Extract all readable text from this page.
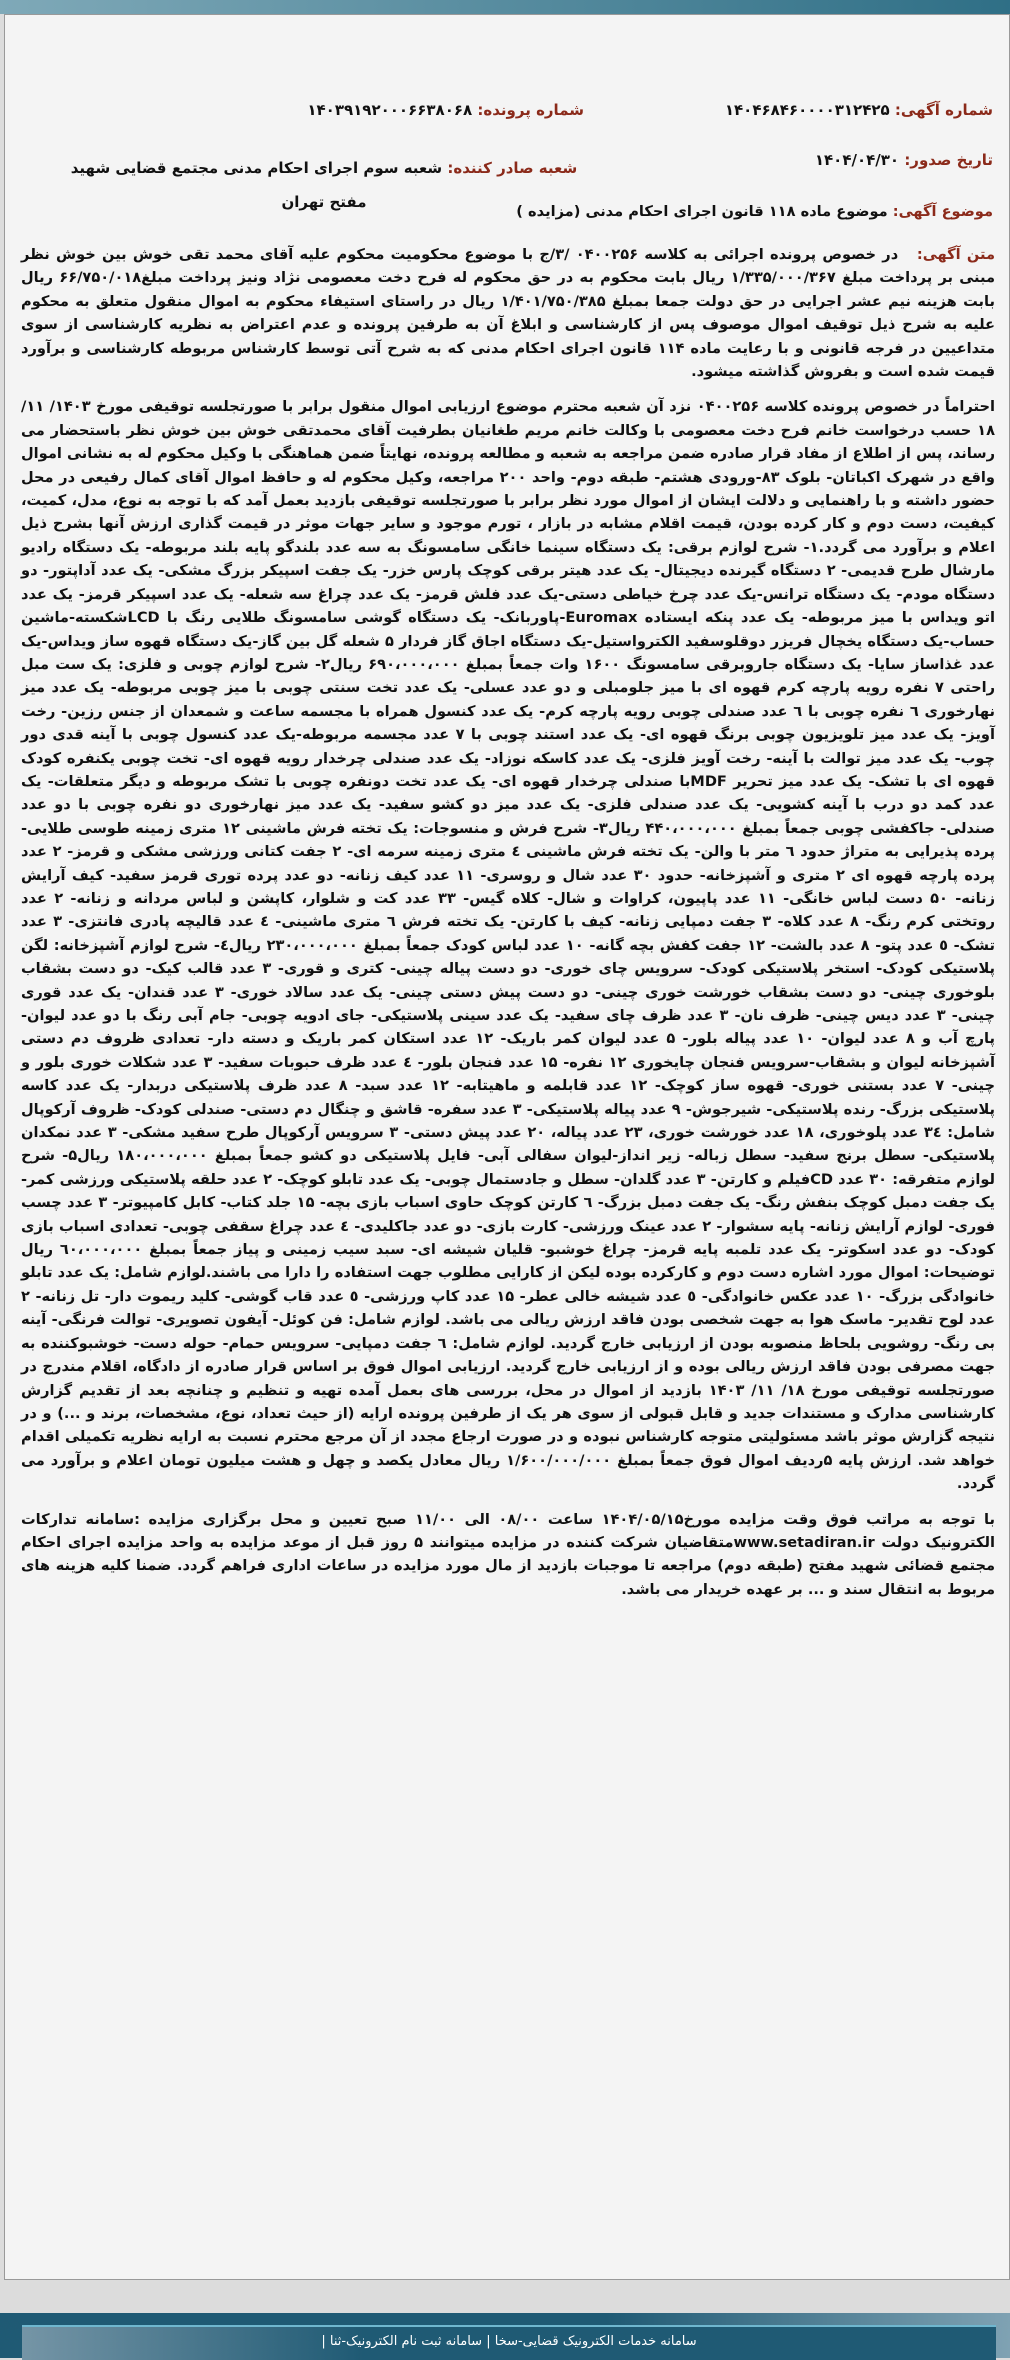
شماره آگهی: ۱۴۰۴۶۸۴۶۰۰۰۰۳۱۲۴۲۵
شماره پرونده: ۱۴۰۳۹۱۹۲۰۰۰۶۶۳۸۰۶۸
تاریخ صدور: ۱۴۰۴/۰۴/۳۰
شعبه صادر کننده: شعبه سوم اجرای احکام مدنی مجتمع قضایی شهید مفتح تهران
موضوع آگهی: موضوع ماده ۱۱۸ قانون اجرای احکام مدنی (مزایده )

متن آگهی:   در خصوص پرونده اجرائی به کلاسه ۰۴۰۰۲۵۶ /۳/ج با موضوع محکومیت محکوم علیه آقای محمد تقی خوش بین خوش نظر مبنی بر پرداخت مبلغ ۱/۳۳۵/۰۰۰/۳۶۷ ریال بابت محکوم به در حق محکوم له فرح دخت معصومی نژاد ونیز پرداخت مبلغ۶۶/۷۵۰/۰۱۸ ریال بابت هزینه نیم عشر اجرایی در حق دولت جمعا بمبلغ ۱/۴۰۱/۷۵۰/۳۸۵ ریال در راستای استیفاء محکوم به اموال منقول متعلق به محکوم علیه به شرح ذیل توقیف اموال موصوف پس از کارشناسی و ابلاغ آن به طرفین پرونده و عدم اعتراض به نظریه کارشناسی از سوی متداعیین در فرجه قانونی و با رعایت ماده ۱۱۴ قانون اجرای احکام مدنی که به شرح آتی توسط کارشناس مربوطه کارشناسی و برآورد قیمت شده است و بفروش گذاشته میشود.

احتراماً در خصوص پرونده کلاسه ۰۴۰۰۲۵۶ نزد آن شعبه محترم موضوع ارزیابی اموال منقول برابر با صورتجلسه توقیفی مورخ ۱۴۰۳/ ۱۱/ ۱۸ حسب درخواست خانم فرح دخت معصومی با وکالت خانم مریم طغانیان بطرفیت آقای محمدتقی خوش بین خوش نظر باستحضار می رساند، پس از اطلاع از مفاد قرار صادره ضمن مراجعه به شعبه و مطالعه پرونده، نهایتاً ضمن هماهنگی با وکیل محکوم له به نشانی اموال واقع در شهرک اکباتان- بلوک ۸۳-ورودی هشتم- طبقه دوم- واحد ۲۰۰ مراجعه، وکیل محکوم له و حافظ اموال آقای کمال رفیعی در محل حضور داشته و با راهنمایی و دلالت ایشان از اموال مورد نظر برابر با صورتجلسه توقیفی بازدید بعمل آمد که با توجه به نوع، مدل، کمیت، کیفیت، دست دوم و کار کرده بودن، قیمت اقلام مشابه در بازار ، تورم موجود و سایر جهات موثر در قیمت گذاری ارزش آنها بشرح ذیل اعلام و برآورد می گردد.۱- شرح لوازم برقی: یک دستگاه سینما خانگی سامسونگ به سه عدد بلندگو پایه بلند مربوطه- یک دستگاه رادیو مارشال طرح قدیمی- ۲ دستگاه گیرنده دیجیتال- یک عدد هیتر برقی کوچک پارس خزر- یک جفت اسپیکر بزرگ مشکی- یک عدد آداپتور- دو دستگاه مودم- یک دستگاه ترانس-یک عدد چرخ خیاطی دستی-یک عدد فلش قرمز- یک عدد چراغ سه شعله- یک عدد اسپیکر قرمز- یک عدد اتو ویداس با میز مربوطه- یک عدد پنکه ایستاده Euromax-پاوربانک- یک دستگاه گوشی سامسونگ طلایی رنگ با LCDشکسته-ماشین حساب-یک دستگاه یخچال فریزر دوقلوسفید الکترواستیل-یک دستگاه اجاق گاز فردار ۵ شعله گل بین گاز-یک دستگاه قهوه ساز ویداس-یک عدد غذاساز سایا- یک دستگاه جاروبرقی سامسونگ ۱۶۰۰ وات جمعاً بمبلغ ۶۹۰،۰۰۰،۰۰۰ ریال۲- شرح لوازم چوبی و فلزی: یک ست مبل راحتی ۷ نفره رویه پارچه کرم قهوه ای با میز جلومبلی و دو عدد عسلی- یک عدد تخت سنتی چوبی با میز چوبی مربوطه- یک عدد میز نهارخوری ٦ نفره چوبی با ٦ عدد صندلی چوبی رویه پارچه کرم- یک عدد کنسول همراه با مجسمه ساعت و شمعدان از جنس رزین- رخت آویز- یک عدد میز تلویزیون چوبی برنگ قهوه ای- یک عدد استند چوبی با ۷ عدد مجسمه مربوطه-یک عدد کنسول چوبی با آینه قدی دور چوب- یک عدد میز توالت با آینه- رخت آویز فلزی- یک عدد کاسکه نوزاد- یک عدد صندلی چرخدار رویه قهوه ای- تخت چوبی یکنفره کودک قهوه ای با تشک- یک عدد میز تحریر MDFبا صندلی چرخدار قهوه ای- یک عدد تخت دونفره چوبی با تشک مربوطه و دیگر متعلقات- یک عدد کمد دو درب با آینه کشویی- یک عدد صندلی فلزی- یک عدد میز دو کشو سفید- یک عدد میز نهارخوری دو نفره چوبی با دو عدد صندلی- جاکفشی چوبی جمعاً بمبلغ ۴۴۰،۰۰۰،۰۰۰ ریال۳- شرح فرش و منسوجات: یک تخته فرش ماشینی ۱۲ متری زمینه طوسی طلایی- پرده پذیرایی به متراژ حدود ٦ متر با والن- یک تخته فرش ماشینی ٤ متری زمینه سرمه ای- ۲ جفت کتانی ورزشی مشکی و قرمز- ۲ عدد پرده پارچه قهوه ای ۲ متری و آشپزخانه- حدود ۳۰ عدد شال و روسری- ۱۱ عدد کیف زنانه- دو عدد پرده توری قرمز سفید- کیف آرایش زنانه- ۵۰ دست لباس خانگی- ۱۱ عدد پاپیون، کراوات و شال- کلاه گیس- ۳۳ عدد کت و شلوار، کاپشن و لباس مردانه و زنانه- ۲ عدد روتختی کرم رنگ- ۸ عدد کلاه- ۳ جفت دمپایی زنانه- کیف با کارتن- یک تخته فرش ٦ متری ماشینی- ٤ عدد قالیچه پادری فانتزی- ۳ عدد تشک- ٥ عدد پتو- ٨ عدد بالشت- ۱۲ جفت کفش بچه گانه- ۱۰ عدد لباس کودک جمعاً بمبلغ ۲۳۰،۰۰۰،۰۰۰ ریال٤- شرح لوازم آشپزخانه: لگن پلاستیکی کودک- استخر پلاستیکی کودک- سرویس چای خوری- دو دست پیاله چینی- کتری و قوری- ۳ عدد قالب کیک- دو دست بشقاب بلوخوری چینی- دو دست بشقاب خورشت خوری چینی- دو دست پیش دستی چینی- یک عدد سالاد خوری- ۳ عدد قندان- یک عدد قوری چینی- ۳ عدد دیس چینی- ظرف نان- ۳ عدد ظرف چای سفید- یک عدد سینی پلاستیکی- جای ادویه چوبی- جام آبی رنگ با دو عدد لیوان- پارچ آب و ۸ عدد لیوان- ۱۰ عدد پیاله بلور- ۵ عدد لیوان کمر باریک- ۱۲ عدد استکان کمر باریک و دسته دار- تعدادی ظروف دم دستی آشپزخانه لیوان و بشقاب-سرویس فنجان چایخوری ۱۲ نفره- ۱۵ عدد فنجان بلور- ٤ عدد ظرف حبوبات سفید- ۳ عدد شکلات خوری بلور و چینی- ۷ عدد بستنی خوری- قهوه ساز کوچک- ۱۲ عدد قابلمه و ماهیتابه- ۱۲ عدد سبد- ۸ عدد ظرف پلاستیکی دربدار- یک عدد کاسه پلاستیکی بزرگ- رنده پلاستیکی- شیرجوش- ۹ عدد پیاله پلاستیکی- ۳ عدد سفره- قاشق و چنگال دم دستی- صندلی کودک- ظروف آرکوپال شامل: ۳٤ عدد پلوخوری، ۱۸ عدد خورشت خوری، ۲۳ عدد پیاله، ۲۰ عدد پیش دستی- ۳ سرویس آرکوپال طرح سفید مشکی- ۳ عدد نمکدان پلاستیکی- سطل برنج سفید- سطل زباله- زیر انداز-لیوان سفالی آبی- فایل پلاستیکی دو کشو جمعاً بمبلغ ۱۸۰،۰۰۰،۰۰۰ ریال۵- شرح لوازم متفرقه: ۳۰ عدد CDفیلم و کارتن- ۳ عدد گلدان- سطل و جادستمال چوبی- یک عدد تابلو کوچک- ۲ عدد حلقه پلاستیکی ورزشی کمر- یک جفت دمبل کوچک بنفش رنگ- یک جفت دمبل بزرگ- ٦ کارتن کوچک حاوی اسباب بازی بچه- ۱۵ جلد کتاب- کابل کامپیوتر- ۳ عدد چسب فوری- لوازم آرایش زنانه- پایه سشوار- ۲ عدد عینک ورزشی- کارت بازی- دو عدد جاکلیدی- ٤ عدد چراغ سقفی چوبی- تعدادی اسباب بازی کودک- دو عدد اسکوتر- یک عدد تلمبه پایه قرمز- چراغ خوشبو- قلیان شیشه ای- سبد سیب زمینی و پیاز جمعاً بمبلغ ٦۰،۰۰۰،۰۰۰ ریال توضیحات: اموال مورد اشاره دست دوم و کارکرده بوده لیکن از کارایی مطلوب جهت استفاده را دارا می باشند.لوازم شامل: یک عدد تابلو خانوادگی بزرگ- ۱۰ عدد عکس خانوادگی- ٥ عدد شیشه خالی عطر- ۱۵ عدد کاپ ورزشی- ٥ عدد قاب گوشی- کلید ریموت دار- تل زنانه- ۲ عدد لوح تقدیر- ماسک هوا به جهت شخصی بودن فاقد ارزش ریالی می باشد. لوازم شامل: فن کوئل- آیفون تصویری- توالت فرنگی- آینه بی رنگ- روشویی بلحاظ منصوبه بودن از ارزیابی خارج گردید. لوازم شامل: ٦ جفت دمپایی- سرویس حمام- حوله دست- خوشبوکننده به جهت مصرفی بودن فاقد ارزش ریالی بوده و از ارزیابی خارج گردید. ارزیابی اموال فوق بر اساس قرار صادره از دادگاه، اقلام مندرج در صورتجلسه توقیفی مورخ ۱۸/ ۱۱/ ۱۴۰۳ بازدید از اموال در محل، بررسی های بعمل آمده تهیه و تنظیم و چنانچه بعد از تقدیم گزارش کارشناسی مدارک و مستندات جدید و قابل قبولی از سوی هر یک از طرفین پرونده ارایه (از حیث تعداد، نوع، مشخصات، برند و ...) و در نتیجه گزارش موثر باشد مسئولیتی متوجه کارشناس نبوده و در صورت ارجاع مجدد از آن مرجع محترم نسبت به ارایه نظریه تکمیلی اقدام خواهد شد. ارزش پایه ۵ردیف اموال فوق جمعاً بمبلغ ۱/۶۰۰/۰۰۰/۰۰۰ ریال معادل یکصد و چهل و هشت میلیون تومان اعلام و برآورد می گردد.

با توجه به مراتب فوق وقت مزایده مورخ۱۴۰۴/۰۵/۱۵ ساعت ۰۸/۰۰ الی ۱۱/۰۰ صبح تعیین و محل برگزاری مزایده :سامانه تدارکات الکترونیک دولت www.setadiran.irمتقاضیان شرکت کننده در مزایده میتوانند ۵ روز قبل از موعد مزایده به واحد مزایده اجرای احکام مجتمع قضائی شهید مفتح (طبقه دوم) مراجعه تا موجبات بازدید از مال مورد مزایده در ساعات اداری فراهم گردد. ضمنا کلیه هزینه های مربوط به انتقال سند و ... بر عهده خریدار می باشد.

سامانه خدمات الکترونیک قضایی-سخا | سامانه ثبت نام الکترونیک-ثنا |
